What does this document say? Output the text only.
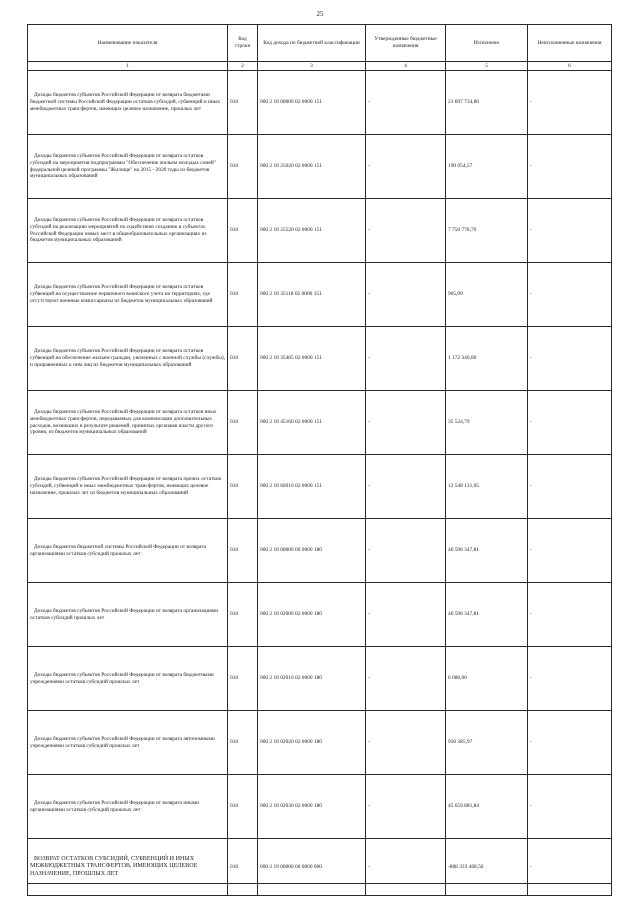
25
Наименование показателя	Код строки	Код дохода по бюджетной классификации	Утвержденные бюджетные назначения	Исполнено	Неисполненные назначения
1	2	3	4	5	6
Доходы бюджетов субъектов Российской Федерации от возврата бюджетами бюджетной системы Российской Федерации остатков субсидий, субвенций и иных межбюджетных трансфертов, имеющих целевое назначение, прошлых лет	010	000 2 18 00000 02 0000 151	-	21 697 734,80	-
Доходы бюджетов субъектов Российской Федерации от возврата остатков субсидий на мероприятия подпрограммы "Обеспечение жильем молодых семей" федеральной целевой программы "Жилище" на 2015 - 2020 годы из бюджетов муниципальных образований	010	000 2 18 25020 02 0000 151	-	190 054,57	-
Доходы бюджетов субъектов Российской Федерации от возврата остатков субсидий на реализацию мероприятий по содействию созданию в субъектах Российской Федерации новых мест в общеобразовательных организациях из бюджетов муниципальных образований	010	000 2 18 25520 02 0000 151	-	7 750 778,70	-
Доходы бюджетов субъектов Российской Федерации от возврата остатков субвенций на осуществление первичного воинского учета на территориях, где отсутствуют военные комиссариаты из бюджетов муниципальных образований	010	000 2 18 35118 02 0000 151	-	905,09	-
Доходы бюджетов субъектов Российской Федерации от возврата остатков субвенций на обеспечение жильем граждан, уволенных с военной службы (службы), и приравненных к ним лиц из бюджетов муниципальных образований	010	000 2 18 35485 02 0000 151	-	1 172 340,00	-
Доходы бюджетов субъектов Российской Федерации от возврата остатков иных межбюджетных трансфертов, передаваемых для компенсации дополнительных расходов, возникших в результате решений, принятых органами власти другого уровня, из бюджетов муниципальных образований	010	000 2 18 45160 02 0000 151	-	35 524,79	-
Доходы бюджетов субъектов Российской Федерации от возврата прочих остатков субсидий, субвенций и иных межбюджетных трансфертов, имеющих целевое назначение, прошлых лет из бюджетов муниципальных образований	010	000 2 18 60010 02 0000 151	-	12 548 131,65	-
Доходы бюджетов бюджетной системы Российской Федерации от возврата организациями остатков субсидий прошлых лет	010	000 2 18 00000 00 0000 180	-	46 596 347,81	-
Доходы бюджетов субъектов Российской Федерации от возврата организациями остатков субсидий прошлых лет	010	000 2 18 02000 02 0000 180	-	46 596 347,81	-
Доходы бюджетов субъектов Российской Федерации от возврата бюджетными учреждениями остатков субсидий прошлых лет	010	000 2 18 02010 02 0000 180	-	6 080,00	-
Доходы бюджетов субъектов Российской Федерации от возврата автономными учреждениями остатков субсидий прошлых лет	010	000 2 18 02020 02 0000 180	-	930 385,97	-
Доходы бюджетов субъектов Российской Федерации от возврата иными организациями остатков субсидий прошлых лет	010	000 2 18 02030 02 0000 180	-	45 659 881,84	-
ВОЗВРАТ ОСТАТКОВ СУБСИДИЙ, СУБВЕНЦИЙ И ИНЫХ МЕЖБЮДЖЕТНЫХ ТРАНСФЕРТОВ, ИМЕЮЩИХ ЦЕЛЕВОЕ НАЗНАЧЕНИЕ, ПРОШЛЫХ ЛЕТ	010	000 2 19 00000 00 0000 000	-	-888 333 468,56	-
